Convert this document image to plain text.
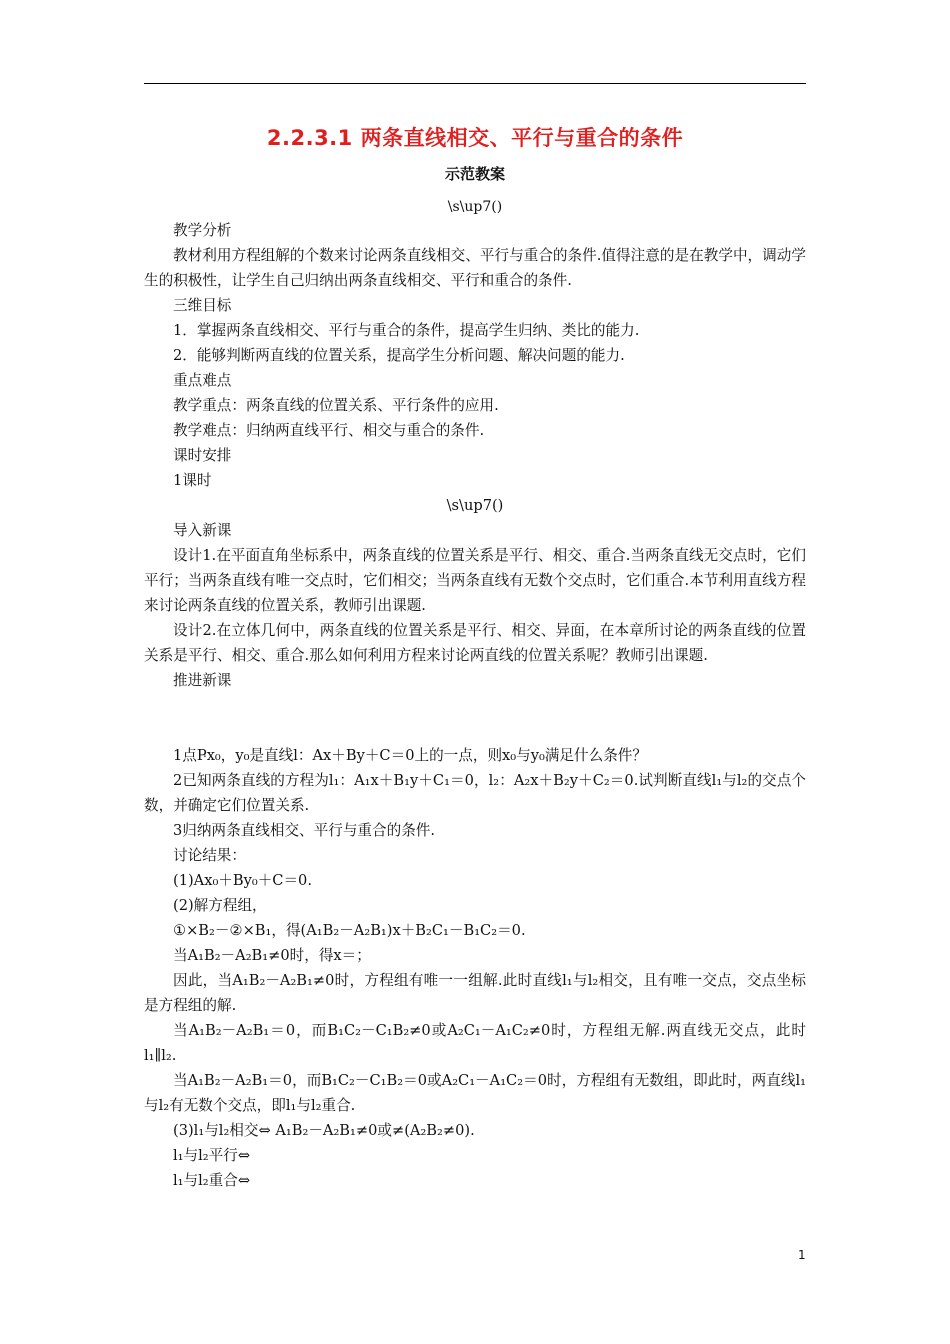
2.2.3.1 两条直线相交、平行与重合的条件
示范教案
\s\up7()

教学分析

教材利用方程组解的个数来讨论两条直线相交、平行与重合的条件.值得注意的是在教学中，调动学生的积极性，让学生自己归纳出两条直线相交、平行和重合的条件.

三维目标

1．掌握两条直线相交、平行与重合的条件，提高学生归纳、类比的能力.

2．能够判断两直线的位置关系，提高学生分析问题、解决问题的能力.

重点难点

教学重点：两条直线的位置关系、平行条件的应用.

教学难点：归纳两直线平行、相交与重合的条件.

课时安排

1课时

\s\up7()

导入新课

设计1.在平面直角坐标系中，两条直线的位置关系是平行、相交、重合.当两条直线无交点时，它们平行；当两条直线有唯一交点时，它们相交；当两条直线有无数个交点时，它们重合.本节利用直线方程来讨论两条直线的位置关系，教师引出课题.

设计2.在立体几何中，两条直线的位置关系是平行、相交、异面，在本章所讨论的两条直线的位置关系是平行、相交、重合.那么如何利用方程来讨论两直线的位置关系呢？教师引出课题.

推进新课

. 1点Px₀，y₀是直线l：Ax＋By＋C＝0上的一点，则x₀与y₀满足什么条件？

. 2已知两条直线的方程为l₁：A₁x＋B₁y＋C₁＝0，l₂：A₂x＋B₂y＋C₂＝0.试判断直线l₁与l₂的交点个数，并确定它们位置关系.

. 3归纳两条直线相交、平行与重合的条件.

讨论结果：

(1)Ax₀＋By₀＋C＝0.

(2)解方程组，

①×B₂－②×B₁，得(A₁B₂－A₂B₁)x＋B₂C₁－B₁C₂＝0.

当A₁B₂－A₂B₁≠0时，得x＝；

因此，当A₁B₂－A₂B₁≠0时，方程组有唯一一组解.此时直线l₁与l₂相交，且有唯一交点，交点坐标是方程组的解.

当A₁B₂－A₂B₁＝0，而B₁C₂－C₁B₂≠0或A₂C₁－A₁C₂≠0时，方程组无解.两直线无交点，此时l₁∥l₂.

当A₁B₂－A₂B₁＝0，而B₁C₂－C₁B₂＝0或A₂C₁－A₁C₂＝0时，方程组有无数组，即此时，两直线l₁与l₂有无数个交点，即l₁与l₂重合.

(3)l₁与l₂相交⇔ A₁B₂－A₂B₁≠0或≠(A₂B₂≠0).

l₁与l₂平行⇔

l₁与l₂重合⇔

1
